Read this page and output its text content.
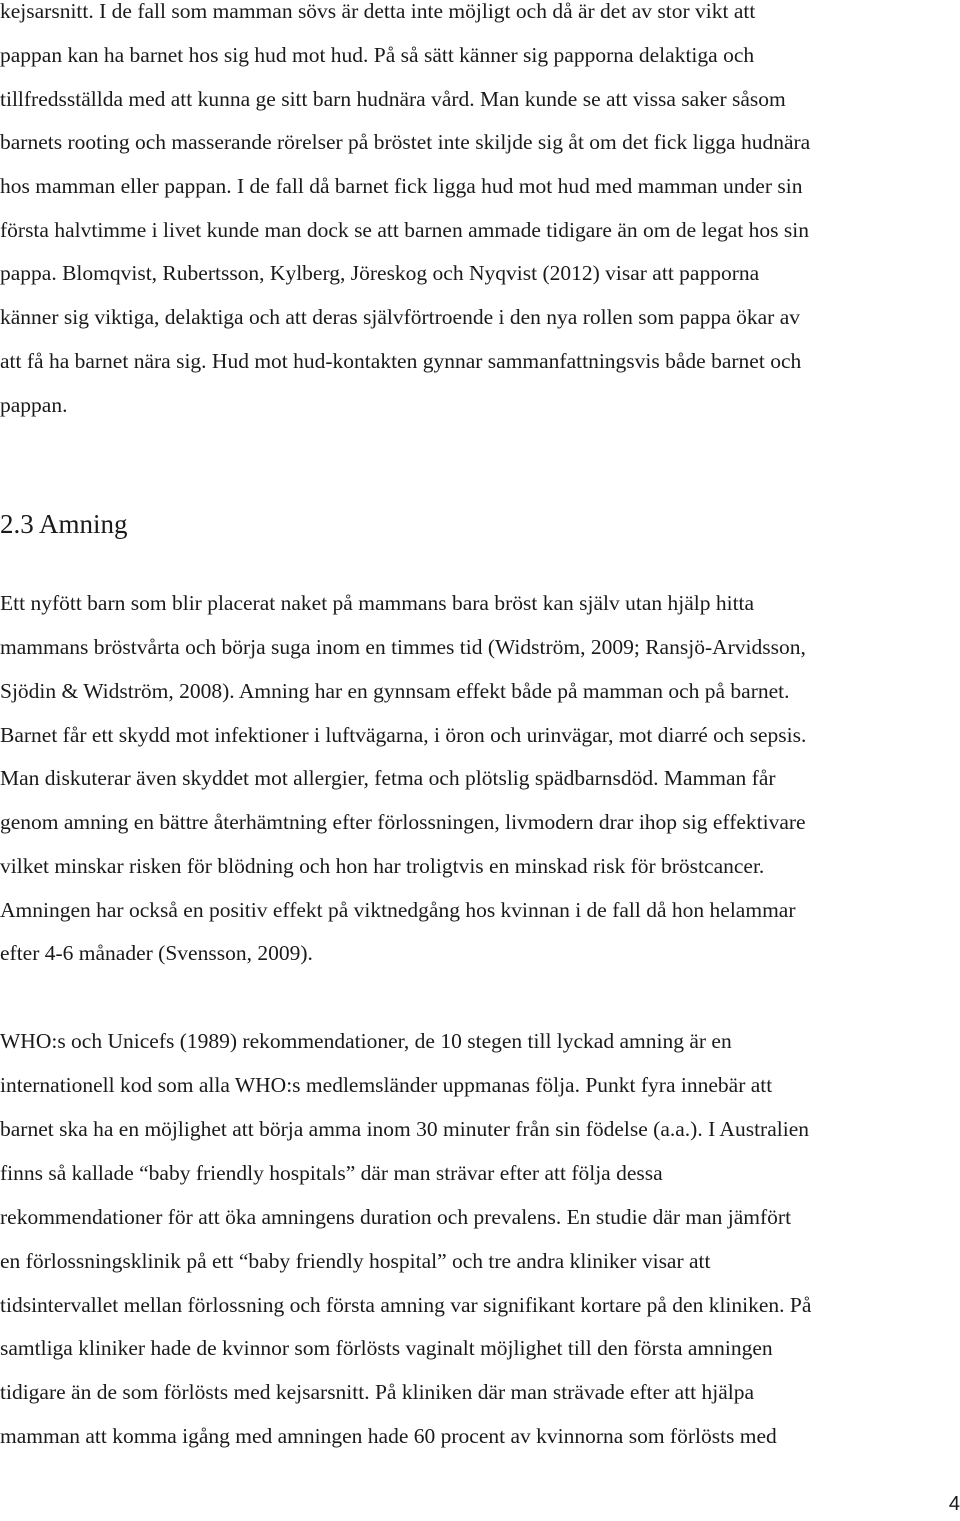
kejsarsnitt. I de fall som mamman sövs är detta inte möjligt och då är det av stor vikt att
pappan kan ha barnet hos sig hud mot hud. På så sätt känner sig papporna delaktiga och
tillfredsställda med att kunna ge sitt barn hudnära vård. Man kunde se att vissa saker såsom
barnets rooting och masserande rörelser på bröstet inte skiljde sig åt om det fick ligga hudnära
hos mamman eller pappan. I de fall då barnet fick ligga hud mot hud med mamman under sin
första halvtimme i livet kunde man dock se att barnen ammade tidigare än om de legat hos sin
pappa. Blomqvist, Rubertsson, Kylberg, Jöreskog och Nyqvist (2012) visar att papporna
känner sig viktiga, delaktiga och att deras självförtroende i den nya rollen som pappa ökar av
att få ha barnet nära sig. Hud mot hud-kontakten gynnar sammanfattningsvis både barnet och
pappan.
2.3 Amning
Ett nyfött barn som blir placerat naket på mammans bara bröst kan själv utan hjälp hitta
mammans bröstvårta och börja suga inom en timmes tid (Widström, 2009; Ransjö-Arvidsson,
Sjödin & Widström, 2008). Amning har en gynnsam effekt både på mamman och på barnet.
Barnet får ett skydd mot infektioner i luftvägarna, i öron och urinvägar, mot diarré och sepsis.
Man diskuterar även skyddet mot allergier, fetma och plötslig spädbarnsdöd. Mamman får
genom amning en bättre återhämtning efter förlossningen, livmodern drar ihop sig effektivare
vilket minskar risken för blödning och hon har troligtvis en minskad risk för bröstcancer.
Amningen har också en positiv effekt på viktnedgång hos kvinnan i de fall då hon helammar
efter 4-6 månader (Svensson, 2009).
WHO:s och Unicefs (1989) rekommendationer, de 10 stegen till lyckad amning är en
internationell kod som alla WHO:s medlemsländer uppmanas följa. Punkt fyra innebär att
barnet ska ha en möjlighet att börja amma inom 30 minuter från sin födelse (a.a.). I Australien
finns så kallade “baby friendly hospitals” där man strävar efter att följa dessa
rekommendationer för att öka amningens duration och prevalens. En studie där man jämfört
en förlossningsklinik på ett “baby friendly hospital” och tre andra kliniker visar att
tidsintervallet mellan förlossning och första amning var signifikant kortare på den kliniken. På
samtliga kliniker hade de kvinnor som förlösts vaginalt möjlighet till den första amningen
tidigare än de som förlösts med kejsarsnitt. På kliniken där man strävade efter att hjälpa
mamman att komma igång med amningen hade 60 procent av kvinnorna som förlösts med
4
